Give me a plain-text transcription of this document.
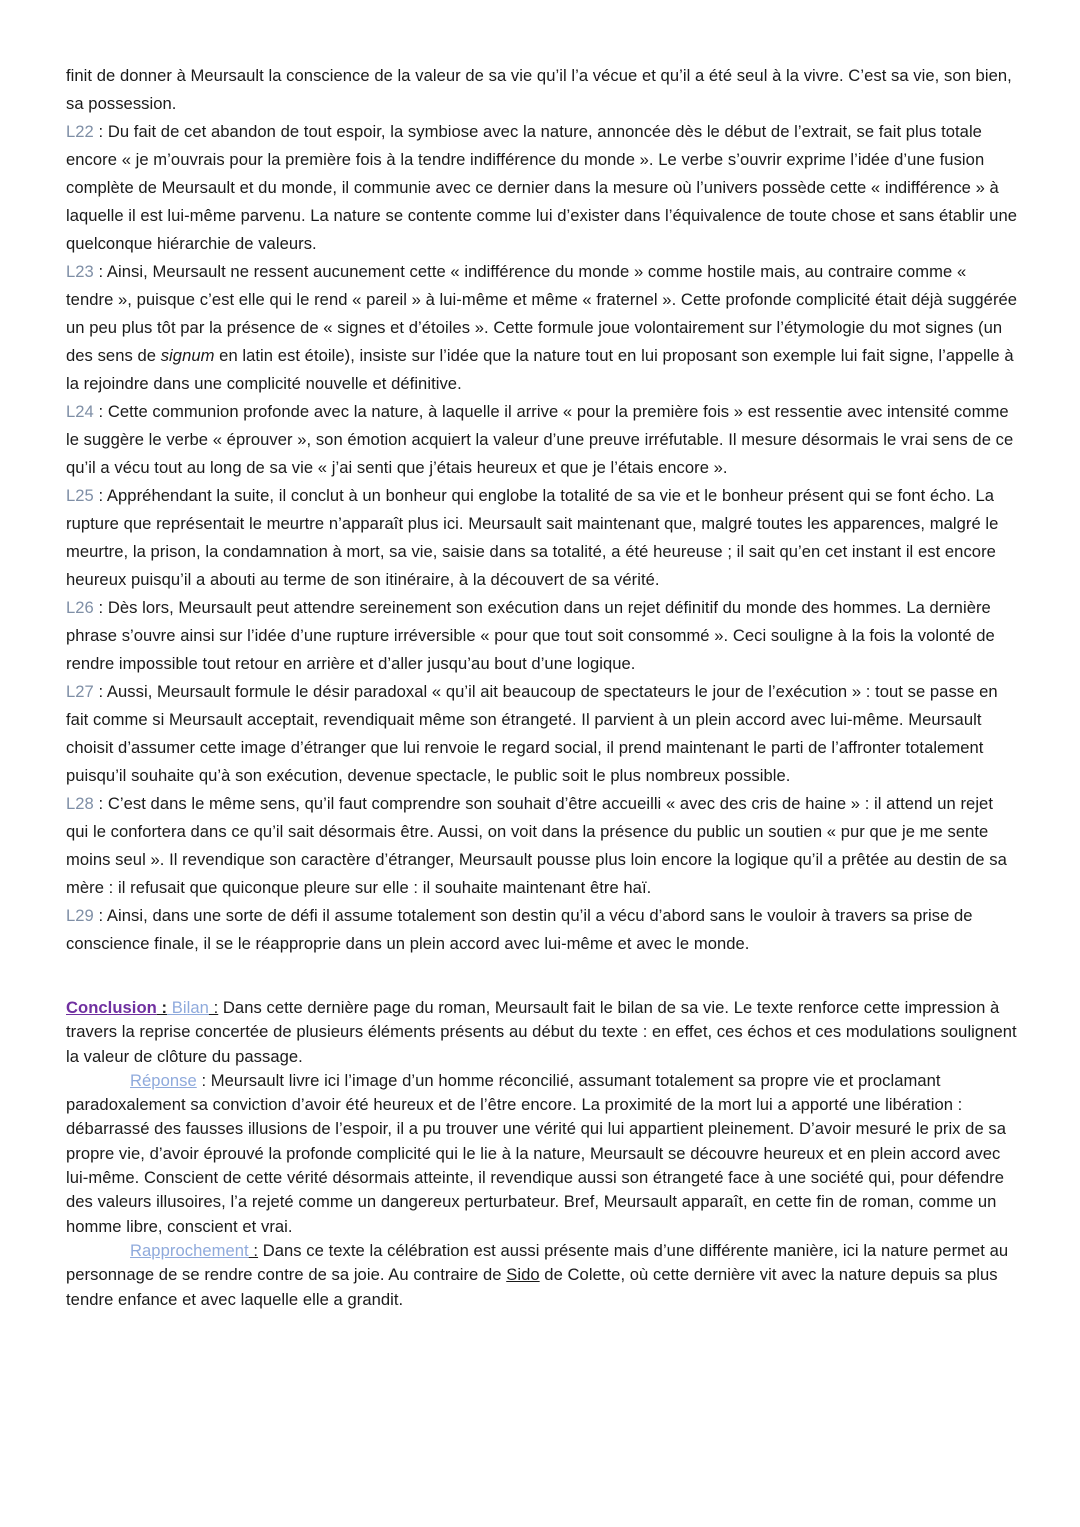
finit de donner à Meursault la conscience de la valeur de sa vie qu’il l’a vécue et qu’il a été seul à la vivre. C’est sa vie, son bien, sa possession.

L22 : Du fait de cet abandon de tout espoir, la symbiose avec la nature, annoncée dès le début de l’extrait, se fait plus totale encore « je m’ouvrais pour la première fois à la tendre indifférence du monde ». Le verbe s’ouvrir exprime l’idée d’une fusion complète de Meursault et du monde, il communie avec ce dernier dans la mesure où l’univers possède cette « indifférence » à laquelle il est lui-même parvenu. La nature se contente comme lui d’exister dans l’équivalence de toute chose et sans établir une quelconque hiérarchie de valeurs.

L23 : Ainsi, Meursault ne ressent aucunement cette « indifférence du monde » comme hostile mais, au contraire comme « tendre », puisque c’est elle qui le rend « pareil » à lui-même et même « fraternel ». Cette profonde complicité était déjà suggérée un peu plus tôt par la présence de « signes et d’étoiles ». Cette formule joue volontairement sur l’étymologie du mot signes (un des sens de signum en latin est étoile), insiste sur l’idée que la nature tout en lui proposant son exemple lui fait signe, l’appelle à la rejoindre dans une complicité nouvelle et définitive.

L24 : Cette communion profonde avec la nature, à laquelle il arrive « pour la première fois » est ressentie avec intensité comme le suggère le verbe « éprouver », son émotion acquiert la valeur d’une preuve irréfutable. Il mesure désormais le vrai sens de ce qu’il a vécu tout au long de sa vie « j’ai senti que j’étais heureux et que je l’étais encore ».

L25 : Appréhendant la suite, il conclut à un bonheur qui englobe la totalité de sa vie et le bonheur présent qui se font écho. La rupture que représentait le meurtre n’apparaît plus ici. Meursault sait maintenant que, malgré toutes les apparences, malgré le meurtre, la prison, la condamnation à mort, sa vie, saisie dans sa totalité, a été heureuse ; il sait qu’en cet instant il est encore heureux puisqu’il a abouti au terme de son itinéraire, à la découvert de sa vérité.

L26 : Dès lors, Meursault peut attendre sereinement son exécution dans un rejet définitif du monde des hommes. La dernière phrase s’ouvre ainsi sur l’idée d’une rupture irréversible « pour que tout soit consommé ». Ceci souligne à la fois la volonté de rendre impossible tout retour en arrière et d’aller jusqu’au bout d’une logique.

L27 : Aussi, Meursault formule le désir paradoxal « qu’il ait beaucoup de spectateurs le jour de l’exécution » : tout se passe en fait comme si Meursault acceptait, revendiquait même son étrangeté. Il parvient à un plein accord avec lui-même. Meursault choisit d’assumer cette image d’étranger que lui renvoie le regard social, il prend maintenant le parti de l’affronter totalement puisqu’il souhaite qu’à son exécution, devenue spectacle, le public soit le plus nombreux possible.

L28 : C’est dans le même sens, qu’il faut comprendre son souhait d’être accueilli « avec des cris de haine » : il attend un rejet qui le confortera dans ce qu’il sait désormais être. Aussi, on voit dans la présence du public un soutien « pur que je me sente moins seul ». Il revendique son caractère d’étranger, Meursault pousse plus loin encore la logique qu’il a prêtée au destin de sa mère : il refusait que quiconque pleure sur elle : il souhaite maintenant être haï.

L29 : Ainsi, dans une sorte de défi il assume totalement son destin qu’il a vécu d’abord sans le vouloir à travers sa prise de conscience finale, il se le réapproprie dans un plein accord avec lui-même et avec le monde.

Conclusion : Bilan : Dans cette dernière page du roman, Meursault fait le bilan de sa vie. Le texte renforce cette impression à travers la reprise concertée de plusieurs éléments présents au début du texte : en effet, ces échos et ces modulations soulignent la valeur de clôture du passage.

Réponse : Meursault livre ici l’image d’un homme réconcilié, assumant totalement sa propre vie et proclamant paradoxalement sa conviction d’avoir été heureux et de l’être encore. La proximité de la mort lui a apporté une libération : débarrassé des fausses illusions de l’espoir, il a pu trouver une vérité qui lui appartient pleinement. D’avoir mesuré le prix de sa propre vie, d’avoir éprouvé la profonde complicité qui le lie à la nature, Meursault se découvre heureux et en plein accord avec lui-même. Conscient de cette vérité désormais atteinte, il revendique aussi son étrangeté face à une société qui, pour défendre des valeurs illusoires, l’a rejeté comme un dangereux perturbateur. Bref, Meursault apparaît, en cette fin de roman, comme un homme libre, conscient et vrai.

Rapprochement : Dans ce texte la célébration est aussi présente mais d’une différente manière, ici la nature permet au personnage de se rendre contre de sa joie. Au contraire de Sido de Colette, où cette dernière vit avec la nature depuis sa plus tendre enfance et avec laquelle elle a grandit.
